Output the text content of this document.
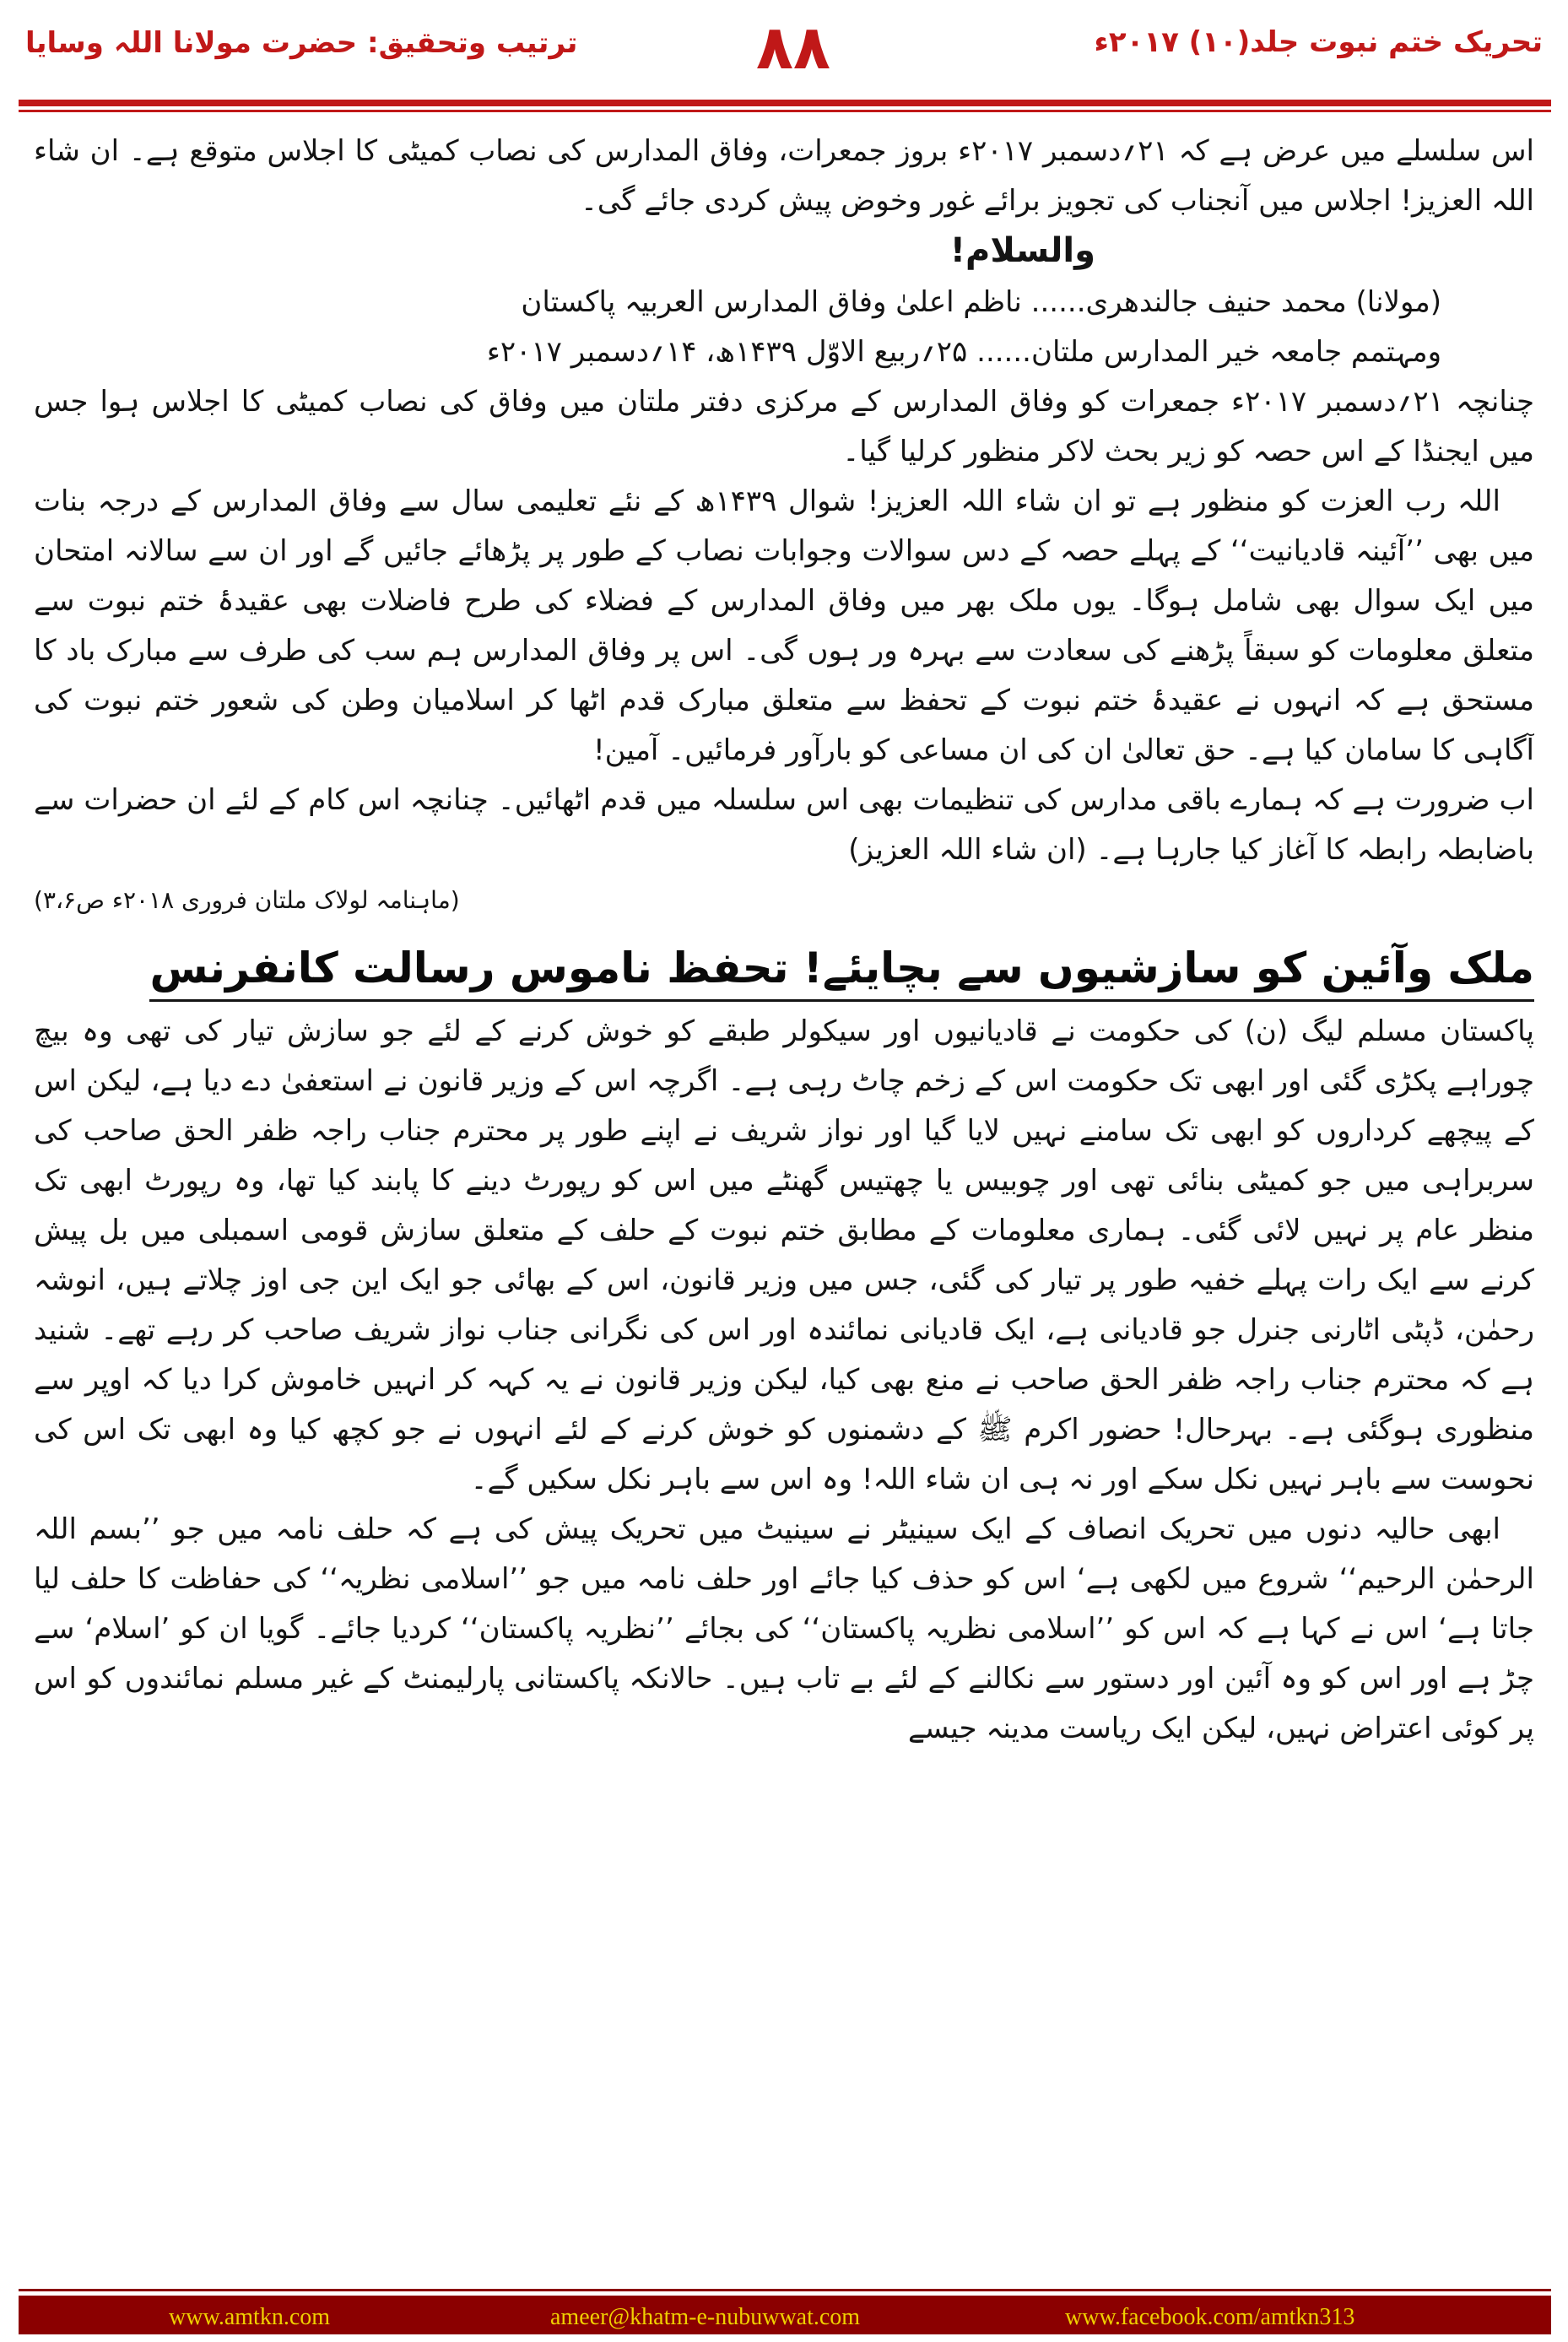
ترتیب وتحقیق: حضرت مولانا اللہ وسایا	۸۸	تحریک ختم نبوت جلد(۱۰) ۲۰۱۷ء

اس سلسلے میں عرض ہے کہ ۲۱؍دسمبر ۲۰۱۷ء بروز جمعرات، وفاق المدارس کی نصاب کمیٹی کا اجلاس متوقع ہے۔ ان شاء اللہ العزیز! اجلاس میں آنجناب کی تجویز برائے غور وخوض پیش کردی جائے گی۔

والسلام!

(مولانا) محمد حنیف جالندھری...... ناظم اعلیٰ وفاق المدارس العربیہ پاکستان

وم‍ہتمم جامعہ خیر المدارس ملتان...... ۲۵؍ربیع الاوّل ۱۴۳۹ھ، ۱۴؍دسمبر ۲۰۱۷ء

چنانچہ ۲۱؍دسمبر ۲۰۱۷ء جمعرات کو وفاق المدارس کے مرکزی دفتر ملتان میں وفاق کی نصاب کمیٹی کا اجلاس ہوا جس میں ایجنڈا کے اس حصہ کو زیر بحث لاکر منظور کرلیا گیا۔

اللہ رب العزت کو منظور ہے تو ان شاء اللہ العزیز! شوال ۱۴۳۹ھ کے نئے تعلیمی سال سے وفاق المدارس کے درجہ بنات میں بھی ’’آئینہ قادیانیت‘‘ کے پہلے حصہ کے دس سوالات وجوابات نصاب کے طور پر پڑھائے جائیں گے اور ان سے سالانہ امتحان میں ایک سوال بھی شامل ہوگا۔ یوں ملک بھر میں وفاق المدارس کے فضلاء کی طرح فاضلات بھی عقیدۂ ختم نبوت سے متعلق معلومات کو سبقاً پڑھنے کی سعادت سے بہرہ ور ہوں گی۔ اس پر وفاق المدارس ہم سب کی طرف سے مبارک باد کا مستحق ہے کہ انہوں نے عقیدۂ ختم نبوت کے تحفظ سے متعلق مبارک قدم اٹھا کر اسلامیان وطن کی شعور ختم نبوت کی آگاہی کا سامان کیا ہے۔ حق تعالیٰ ان کی ان مساعی کو بارآور فرمائیں۔ آمین!

اب ضرورت ہے کہ ہمارے باقی مدارس کی تنظیمات بھی اس سلسلہ میں قدم اٹھائیں۔ چنانچہ اس کام کے لئے ان حضرات سے باضابطہ رابطہ کا آغاز کیا جارہا ہے۔ (ان شاء اللہ العزیز)

(ماہنامہ لولاک ملتان فروری ۲۰۱۸ء ص۳،۶)

ملک وآئین کو سازشیوں سے بچایئے! تحفظ ناموس رسالت کانفرنس

پاکستان مسلم لیگ (ن) کی حکومت نے قادیانیوں اور سیکولر طبقے کو خوش کرنے کے لئے جو سازش تیار کی تھی وہ بیچ چوراہے پکڑی گئی اور ابھی تک حکومت اس کے زخم چاٹ رہی ہے۔ اگرچہ اس کے وزیر قانون نے استعفیٰ دے دیا ہے، لیکن اس کے پیچھے کرداروں کو ابھی تک سامنے نہیں لایا گیا اور نواز شریف نے اپنے طور پر محترم جناب راجہ ظفر الحق صاحب کی سربراہی میں جو کمیٹی بنائی تھی اور چوبیس یا چھتیس گھنٹے میں اس کو رپورٹ دینے کا پابند کیا تھا، وہ رپورٹ ابھی تک منظر عام پر نہیں لائی گئی۔ ہماری معلومات کے مطابق ختم نبوت کے حلف کے متعلق سازش قومی اسمبلی میں بل پیش کرنے سے ایک رات پہلے خفیہ طور پر تیار کی گئی، جس میں وزیر قانون، اس کے بھائی جو ایک این جی اوز چلاتے ہیں، انوشہ رحمٰن، ڈپٹی اٹارنی جنرل جو قادیانی ہے، ایک قادیانی نمائندہ اور اس کی نگرانی جناب نواز شریف صاحب کر رہے تھے۔ شنید ہے کہ محترم جناب راجہ ظفر الحق صاحب نے منع بھی کیا، لیکن وزیر قانون نے یہ کہہ کر انہیں خاموش کرا دیا کہ اوپر سے منظوری ہوگئی ہے۔ بہرحال! حضور اکرم ﷺ کے دشمنوں کو خوش کرنے کے لئے انہوں نے جو کچھ کیا وہ ابھی تک اس کی نحوست سے باہر نہیں نکل سکے اور نہ ہی ان شاء اللہ! وہ اس سے باہر نکل سکیں گے۔

ابھی حالیہ دنوں میں تحریک انصاف کے ایک سینیٹر نے سینیٹ میں تحریک پیش کی ہے کہ حلف نامہ میں جو ’’بسم اللہ الرحمٰن الرحیم‘‘ شروع میں لکھی ہے‘ اس کو حذف کیا جائے اور حلف نامہ میں جو ’’اسلامی نظریہ‘‘ کی حفاظت کا حلف لیا جاتا ہے‘ اس نے کہا ہے کہ اس کو ’’اسلامی نظریہ پاکستان‘‘ کی بجائے ’’نظریہ پاکستان‘‘ کردیا جائے۔ گویا ان کو ’اسلام‘ سے چڑ ہے اور اس کو وہ آئین اور دستور سے نکالنے کے لئے بے تاب ہیں۔ حالانکہ پاکستانی پارلیمنٹ کے غیر مسلم نمائندوں کو اس پر کوئی اعتراض نہیں، لیکن ایک ریاست مدینہ جیسے

www.amtkn.com	ameer@khatm-e-nubuwwat.com	www.facebook.com/amtkn313
